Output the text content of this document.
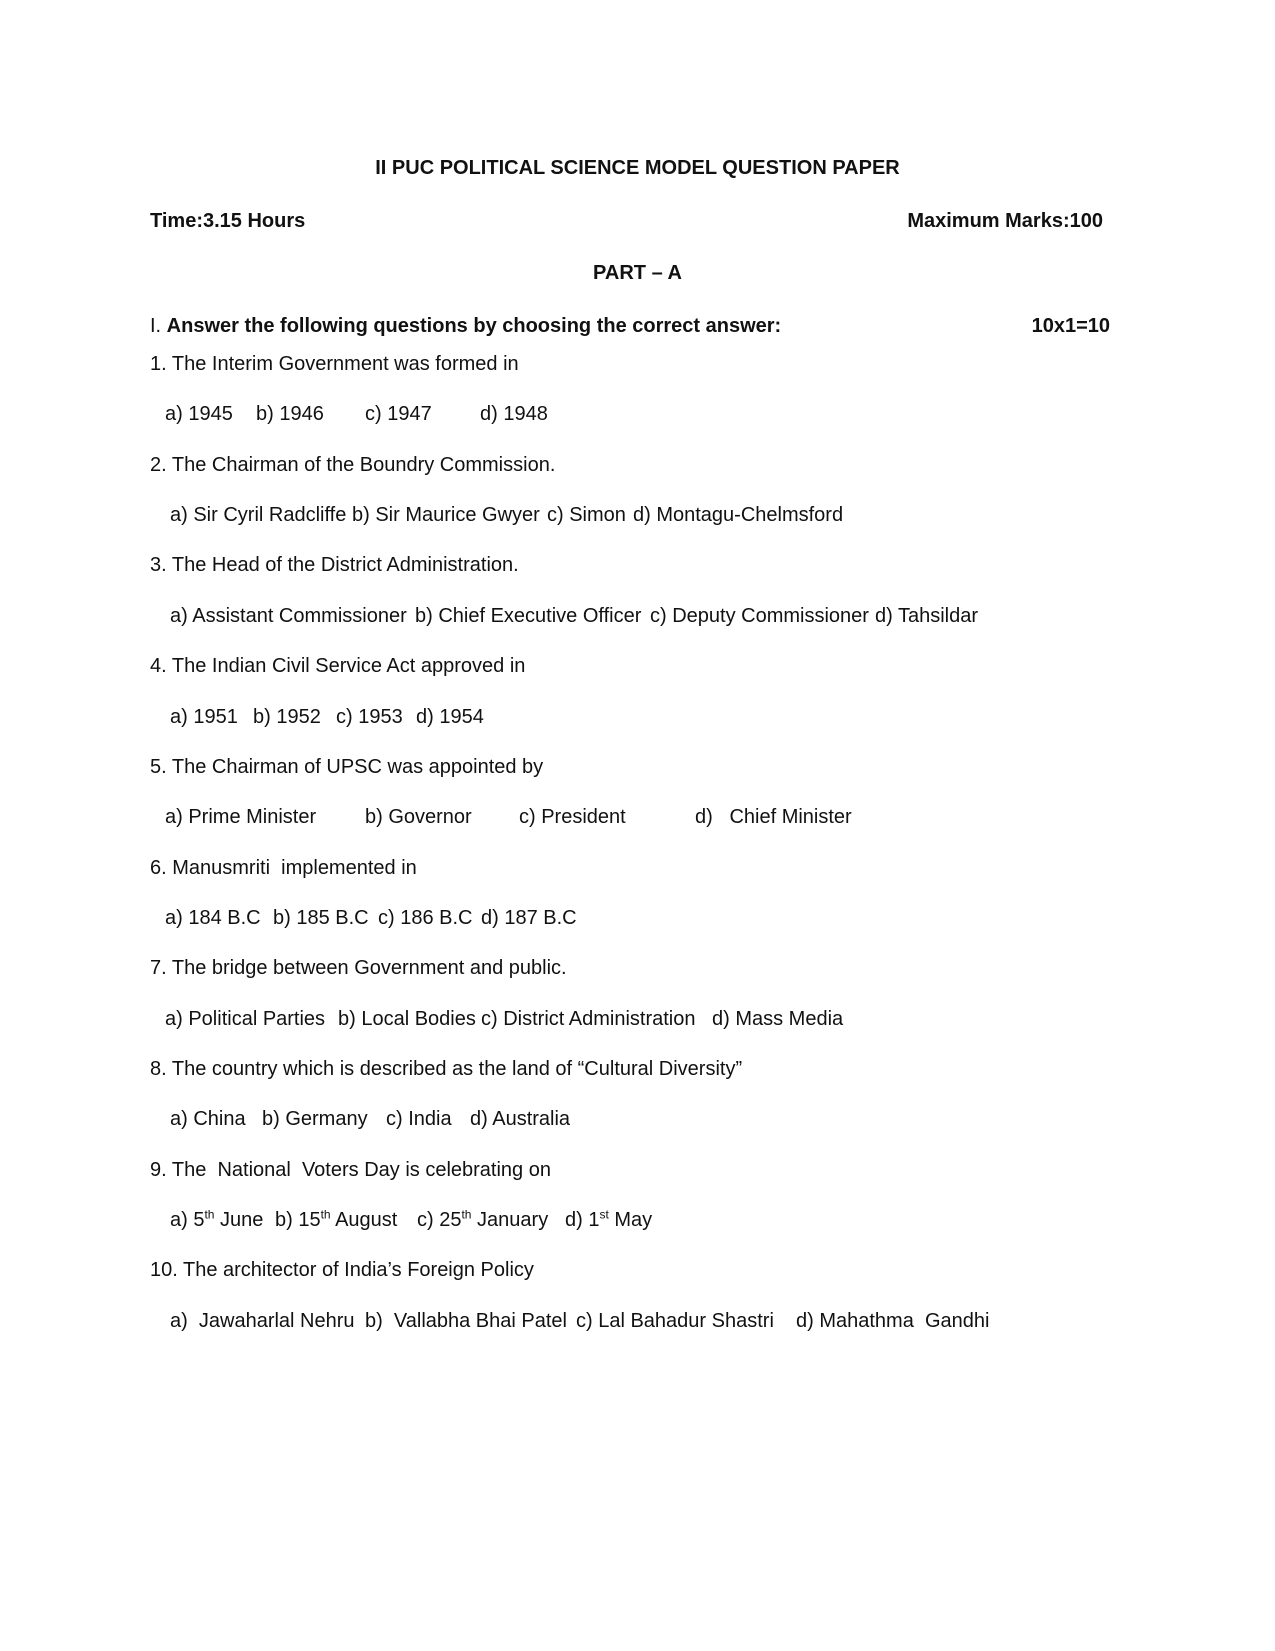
II PUC POLITICAL SCIENCE MODEL QUESTION PAPER
Time:3.15 Hours	Maximum Marks:100
PART – A
I. Answer the following questions by choosing the correct answer:	10x1=10
1. The Interim Government was formed in

a) 1945

b) 1946

c) 1947

d) 1948

2. The Chairman of the Boundry Commission.

a) Sir Cyril Radcliffe

b) Sir Maurice Gwyer

c) Simon

d) Montagu-Chelmsford

3. The Head of the District Administration.

a) Assistant Commissioner

b) Chief Executive Officer

c) Deputy Commissioner

d) Tahsildar

4. The Indian Civil Service Act approved in

a) 1951

b) 1952

c) 1953

d) 1954

5. The Chairman of UPSC was appointed by

a) Prime Minister

b) Governor

c) President

	d)   Chief Minister

6. Manusmriti  implemented in

a) 184 B.C

b) 185 B.C

c) 186 B.C

d) 187 B.C

7. The bridge between Government and public.

a) Political Parties

b) Local Bodies

c) District Administration

d) Mass Media

8. The country which is described as the land of “Cultural Diversity”

a) China

b) Germany

c) India

d) Australia

9. The  National  Voters Day is celebrating on

a) 5th June

b) 15th August

c) 25th January

d) 1st May

10. The architector of India’s Foreign Policy

a)  Jawaharlal Nehru

b)  Vallabha Bhai Patel

c) Lal Bahadur Shastri

d) Mahathma  Gandhi
